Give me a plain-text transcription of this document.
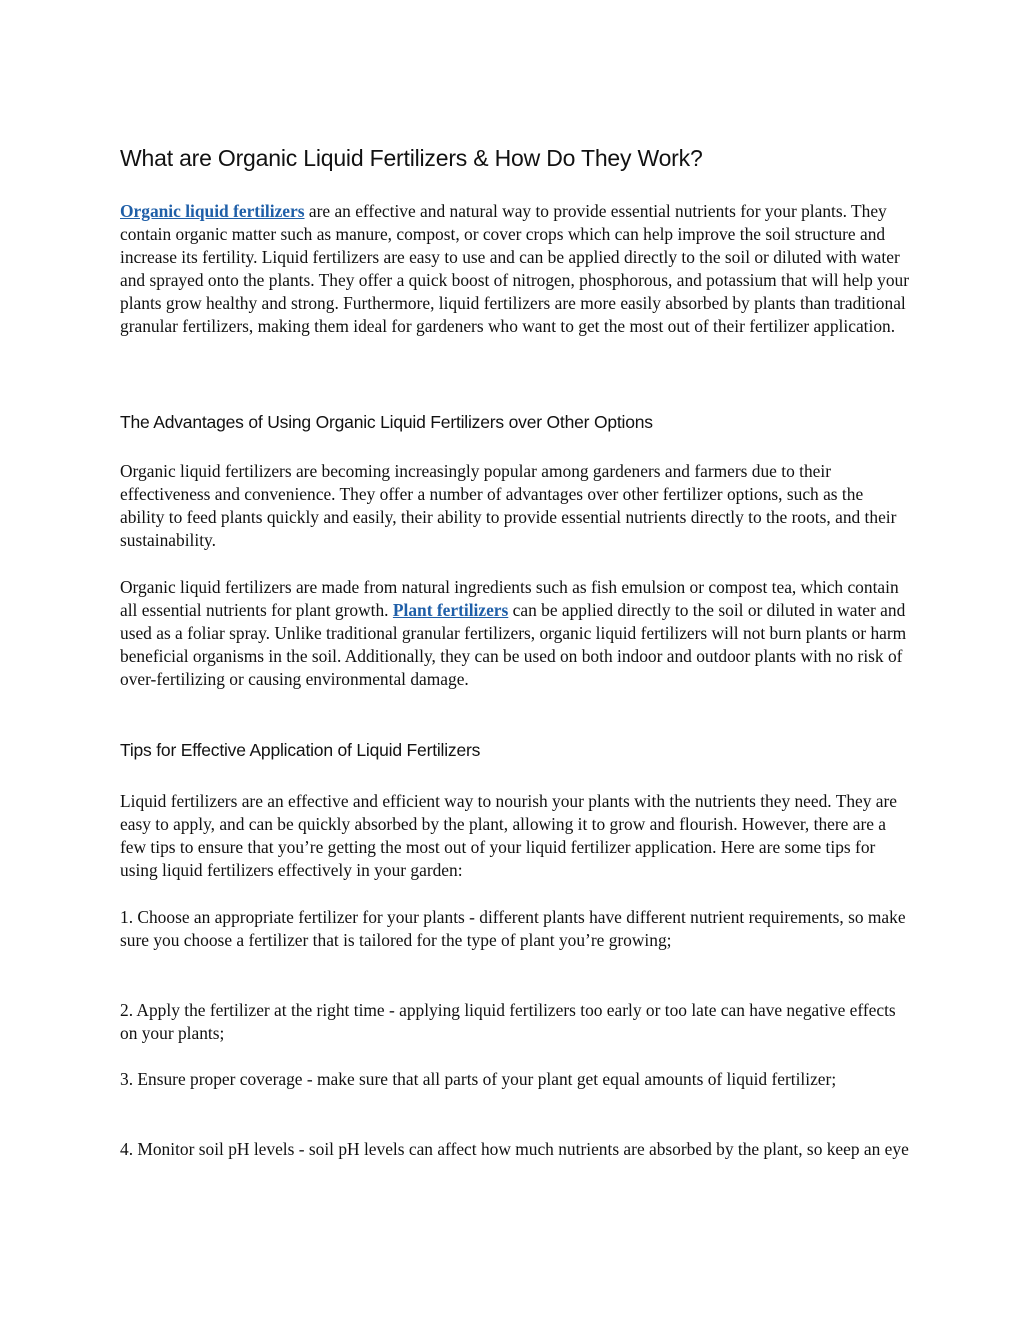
What are Organic Liquid Fertilizers & How Do They Work?

Organic liquid fertilizers are an effective and natural way to provide essential nutrients for your plants. They contain organic matter such as manure, compost, or cover crops which can help improve the soil structure and increase its fertility. Liquid fertilizers are easy to use and can be applied directly to the soil or diluted with water and sprayed onto the plants. They offer a quick boost of nitrogen, phosphorous, and potassium that will help your plants grow healthy and strong. Furthermore, liquid fertilizers are more easily absorbed by plants than traditional granular fertilizers, making them ideal for gardeners who want to get the most out of their fertilizer application.

The Advantages of Using Organic Liquid Fertilizers over Other Options

Organic liquid fertilizers are becoming increasingly popular among gardeners and farmers due to their effectiveness and convenience. They offer a number of advantages over other fertilizer options, such as the ability to feed plants quickly and easily, their ability to provide essential nutrients directly to the roots, and their sustainability.

Organic liquid fertilizers are made from natural ingredients such as fish emulsion or compost tea, which contain all essential nutrients for plant growth. Plant fertilizers can be applied directly to the soil or diluted in water and used as a foliar spray. Unlike traditional granular fertilizers, organic liquid fertilizers will not burn plants or harm beneficial organisms in the soil. Additionally, they can be used on both indoor and outdoor plants with no risk of over-fertilizing or causing environmental damage.

Tips for Effective Application of Liquid Fertilizers

Liquid fertilizers are an effective and efficient way to nourish your plants with the nutrients they need. They are easy to apply, and can be quickly absorbed by the plant, allowing it to grow and flourish. However, there are a few tips to ensure that you’re getting the most out of your liquid fertilizer application. Here are some tips for using liquid fertilizers effectively in your garden:

1. Choose an appropriate fertilizer for your plants - different plants have different nutrient requirements, so make sure you choose a fertilizer that is tailored for the type of plant you’re growing;

2. Apply the fertilizer at the right time - applying liquid fertilizers too early or too late can have negative effects on your plants;

3. Ensure proper coverage - make sure that all parts of your plant get equal amounts of liquid fertilizer;

4. Monitor soil pH levels - soil pH levels can affect how much nutrients are absorbed by the plant, so keep an eye
